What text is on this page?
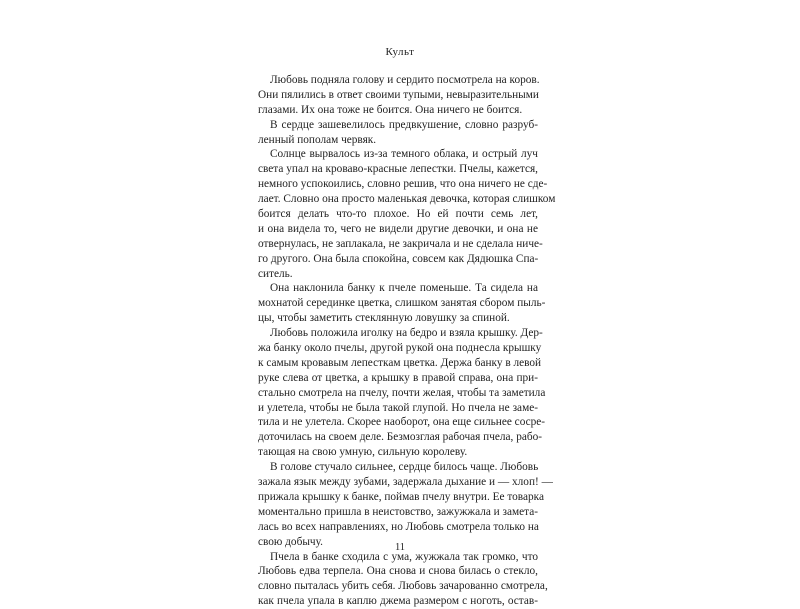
Культ
Любовь подняла голову и сердито посмотрела на коров.
Они пялились в ответ своими тупыми, невыразительными
глазами. Их она тоже не боится. Она ничего не боится.
В сердце зашевелилось предвкушение, словно разруб-
ленный пополам червяк.
Солнце вырвалось из-за темного облака, и острый луч
света упал на кроваво-красные лепестки. Пчелы, кажется,
немного успокоились, словно решив, что она ничего не сде-
лает. Словно она просто маленькая девочка, которая слишком
боится делать что-то плохое. Но ей почти семь лет,
и она видела то, чего не видели другие девочки, и она не
отвернулась, не заплакала, не закричала и не сделала ниче-
го другого. Она была спокойна, совсем как Дядюшка Спа-
ситель.
Она наклонила банку к пчеле поменьше. Та сидела на
мохнатой серединке цветка, слишком занятая сбором пыль-
цы, чтобы заметить стеклянную ловушку за спиной.
Любовь положила иголку на бедро и взяла крышку. Дер-
жа банку около пчелы, другой рукой она поднесла крышку
к самым кровавым лепесткам цветка. Держа банку в левой
руке слева от цветка, а крышку в правой справа, она при-
стально смотрела на пчелу, почти желая, чтобы та заметила
и улетела, чтобы не была такой глупой. Но пчела не заме-
тила и не улетела. Скорее наоборот, она еще сильнее сосре-
доточилась на своем деле. Безмозглая рабочая пчела, рабо-
тающая на свою умную, сильную королеву.
В голове стучало сильнее, сердце билось чаще. Любовь
зажала язык между зубами, задержала дыхание и — хлоп! —
прижала крышку к банке, поймав пчелу внутри. Ее товарка
моментально пришла в неистовство, зажужжала и замета-
лась во всех направлениях, но Любовь смотрела только на
свою добычу.
Пчела в банке сходила с ума, жужжала так громко, что
Любовь едва терпела. Она снова и снова билась о стекло,
словно пыталась убить себя. Любовь зачарованно смотрела,
как пчела упала в каплю джема размером с ноготь, остав-
11
